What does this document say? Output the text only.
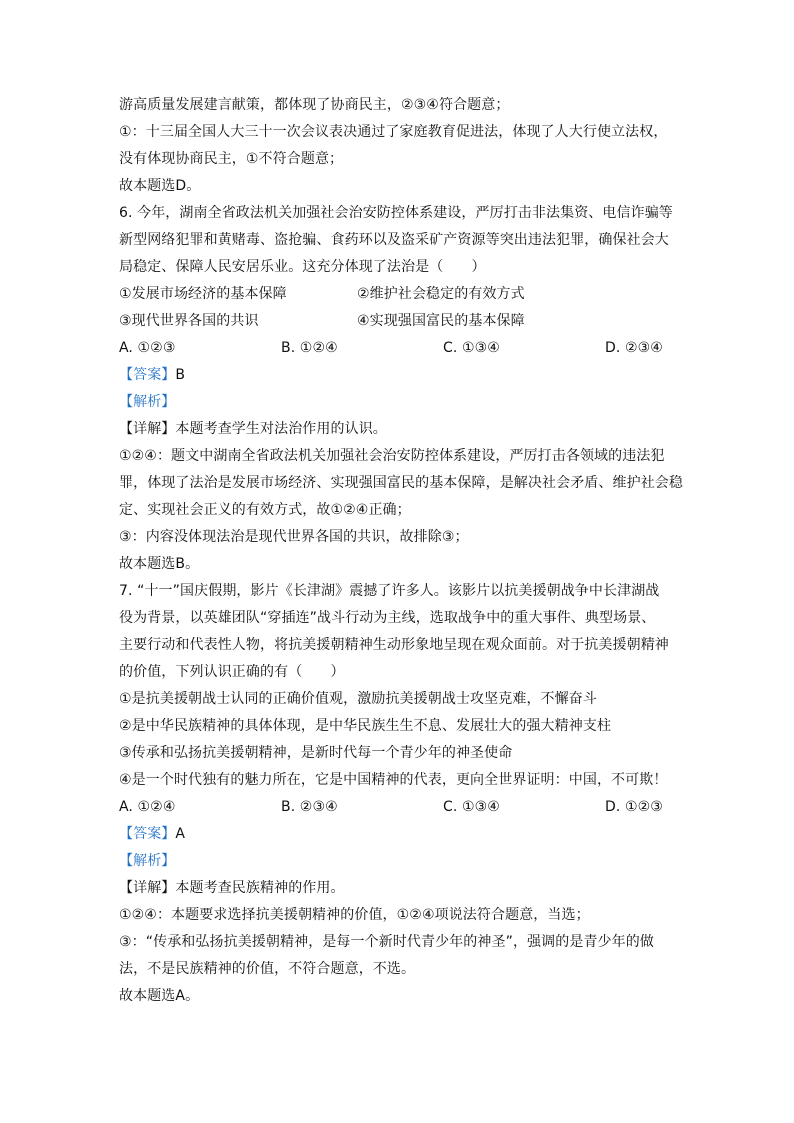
游高质量发展建言献策，都体现了协商民主，②③④符合题意；
①：十三届全国人大三十一次会议表决通过了家庭教育促进法，体现了人大行使立法权，
没有体现协商民主，①不符合题意；
故本题选D。
6. 今年，湖南全省政法机关加强社会治安防控体系建设，严厉打击非法集资、电信诈骗等
新型网络犯罪和黄赌毒、盗抢骗、食药环以及盗采矿产资源等突出违法犯罪，确保社会大
局稳定、保障人民安居乐业。这充分体现了法治是（　　）
①发展市场经济的基本保障	②维护社会稳定的有效方式
③现代世界各国的共识	④实现强国富民的基本保障
A. ①②③	B. ①②④	C. ①③④	D. ②③④
【答案】B
【解析】
【详解】本题考查学生对法治作用的认识。
①②④：题文中湖南全省政法机关加强社会治安防控体系建设，严厉打击各领域的违法犯
罪，体现了法治是发展市场经济、实现强国富民的基本保障，是解决社会矛盾、维护社会稳
定、实现社会正义的有效方式，故①②④正确；
③：内容没体现法治是现代世界各国的共识，故排除③；
故本题选B。
7. “十一”国庆假期，影片《长津湖》震撼了许多人。该影片以抗美援朝战争中长津湖战
役为背景，以英雄团队“穿插连”战斗行动为主线，选取战争中的重大事件、典型场景、
主要行动和代表性人物，将抗美援朝精神生动形象地呈现在观众面前。对于抗美援朝精神
的价值，下列认识正确的有（　　）
①是抗美援朝战士认同的正确价值观，激励抗美援朝战士攻坚克难，不懈奋斗
②是中华民族精神的具体体现，是中华民族生生不息、发展壮大的强大精神支柱
③传承和弘扬抗美援朝精神，是新时代每一个青少年的神圣使命
④是一个时代独有的魅力所在，它是中国精神的代表，更向全世界证明：中国，不可欺！
A. ①②④	B. ②③④	C. ①③④	D. ①②③
【答案】A
【解析】
【详解】本题考查民族精神的作用。
①②④：本题要求选择抗美援朝精神的价值，①②④项说法符合题意，当选；
③：“传承和弘扬抗美援朝精神，是每一个新时代青少年的神圣”，强调的是青少年的做
法，不是民族精神的价值，不符合题意，不选。
故本题选A。
